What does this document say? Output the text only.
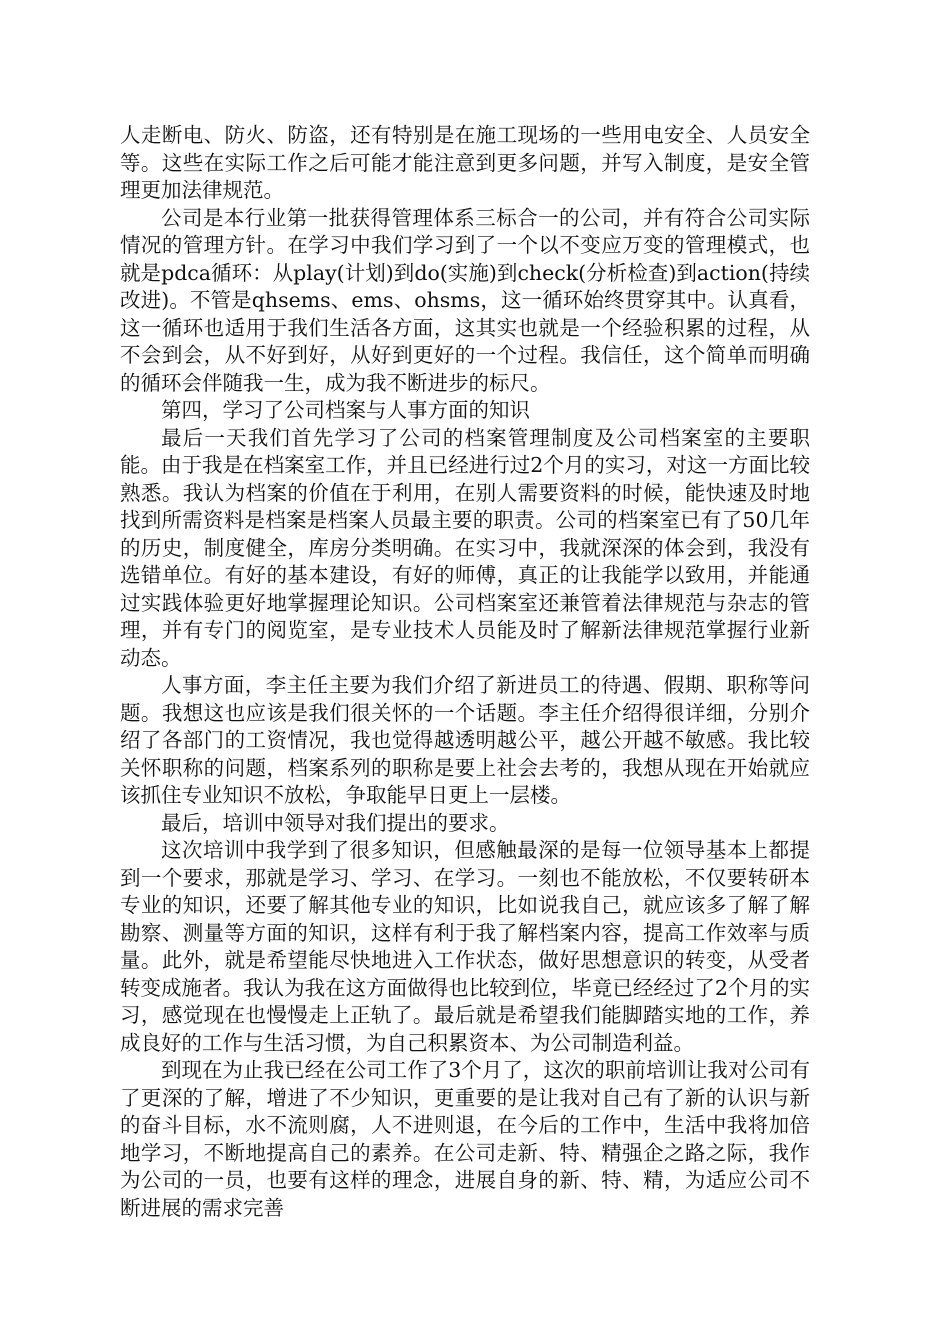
人走断电、防火、防盗，还有特别是在施工现场的一些用电安全、人员安全等。这些在实际工作之后可能才能注意到更多问题，并写入制度，是安全管理更加法律规范。

公司是本行业第一批获得管理体系三标合一的公司，并有符合公司实际情况的管理方针。在学习中我们学习到了一个以不变应万变的管理模式，也就是pdca循环：从play(计划)到do(实施)到check(分析检查)到action(持续改进)。不管是qhsems、ems、ohsms，这一循环始终贯穿其中。认真看，这一循环也适用于我们生活各方面，这其实也就是一个经验积累的过程，从不会到会，从不好到好，从好到更好的一个过程。我信任，这个简单而明确的循环会伴随我一生，成为我不断进步的标尺。

第四，学习了公司档案与人事方面的知识

最后一天我们首先学习了公司的档案管理制度及公司档案室的主要职能。由于我是在档案室工作，并且已经进行过2个月的实习，对这一方面比较熟悉。我认为档案的价值在于利用，在别人需要资料的时候，能快速及时地找到所需资料是档案是档案人员最主要的职责。公司的档案室已有了50几年的历史，制度健全，库房分类明确。在实习中，我就深深的体会到，我没有选错单位。有好的基本建设，有好的师傅，真正的让我能学以致用，并能通过实践体验更好地掌握理论知识。公司档案室还兼管着法律规范与杂志的管理，并有专门的阅览室，是专业技术人员能及时了解新法律规范掌握行业新动态。

人事方面，李主任主要为我们介绍了新进员工的待遇、假期、职称等问题。我想这也应该是我们很关怀的一个话题。李主任介绍得很详细，分别介绍了各部门的工资情况，我也觉得越透明越公平，越公开越不敏感。我比较关怀职称的问题，档案系列的职称是要上社会去考的，我想从现在开始就应该抓住专业知识不放松，争取能早日更上一层楼。

最后，培训中领导对我们提出的要求。

这次培训中我学到了很多知识，但感触最深的是每一位领导基本上都提到一个要求，那就是学习、学习、在学习。一刻也不能放松，不仅要转研本专业的知识，还要了解其他专业的知识，比如说我自己，就应该多了解了解勘察、测量等方面的知识，这样有利于我了解档案内容，提高工作效率与质量。此外，就是希望能尽快地进入工作状态，做好思想意识的转变，从受者转变成施者。我认为我在这方面做得也比较到位，毕竟已经经过了2个月的实习，感觉现在也慢慢走上正轨了。最后就是希望我们能脚踏实地的工作，养成良好的工作与生活习惯，为自己积累资本、为公司制造利益。

到现在为止我已经在公司工作了3个月了，这次的职前培训让我对公司有了更深的了解，增进了不少知识，更重要的是让我对自己有了新的认识与新的奋斗目标，水不流则腐，人不进则退，在今后的工作中，生活中我将加倍地学习，不断地提高自己的素养。在公司走新、特、精强企之路之际，我作为公司的一员，也要有这样的理念，进展自身的新、特、精，为适应公司不断进展的需求完善
